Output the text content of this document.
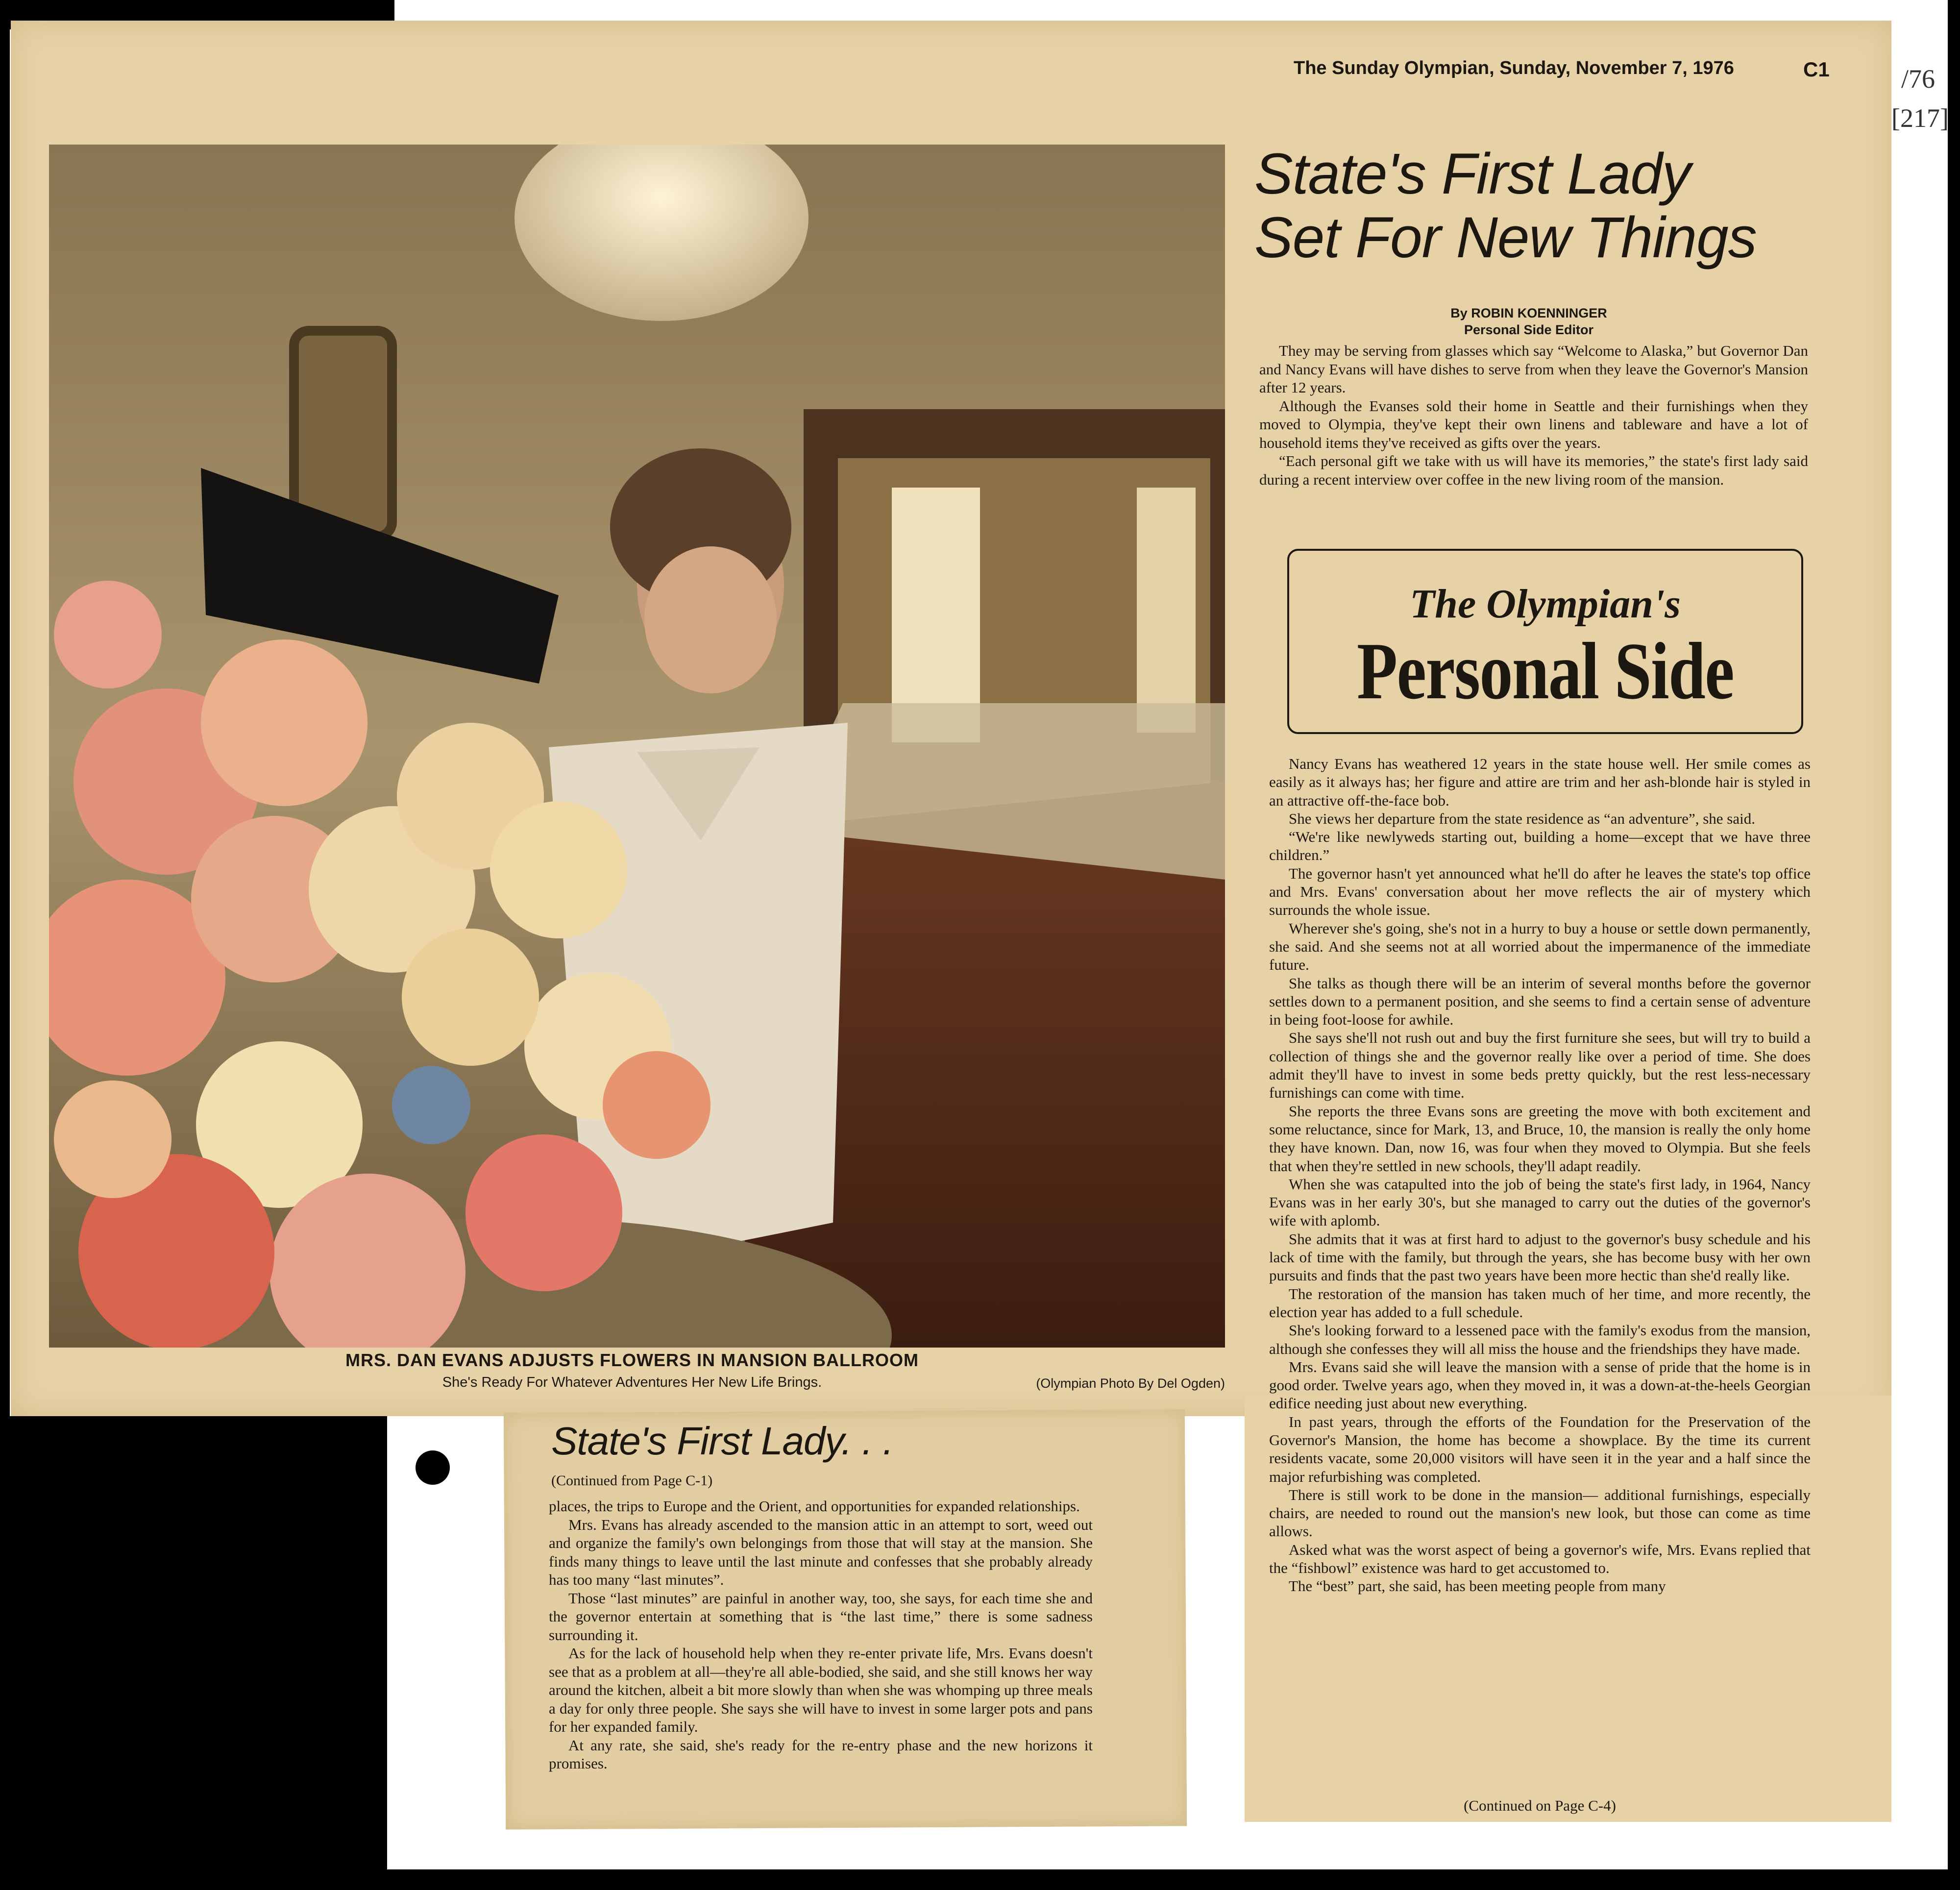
/76
[217]
The Sunday Olympian, Sunday, November 7, 1976	C1
MRS. DAN EVANS ADJUSTS FLOWERS IN MANSION BALLROOM
She's Ready For Whatever Adventures Her New Life Brings.	(Olympian Photo By Del Ogden)
State's First Lady
Set For New Things
By ROBIN KOENNINGER
Personal Side Editor

They may be serving from glasses which say “Welcome to Alaska,” but Governor Dan and Nancy Evans will have dishes to serve from when they leave the Governor's Mansion after 12 years.

Although the Evanses sold their home in Seattle and their furnishings when they moved to Olympia, they've kept their own linens and tableware and have a lot of household items they've received as gifts over the years.

“Each personal gift we take with us will have its memories,” the state's first lady said during a recent interview over coffee in the new living room of the mansion.

The Olympian's
Personal Side

Nancy Evans has weathered 12 years in the state house well. Her smile comes as easily as it always has; her figure and attire are trim and her ash-blonde hair is styled in an attractive off-the-face bob.

She views her departure from the state residence as “an adventure”, she said.

“We're like newlyweds starting out, building a home—except that we have three children.”

The governor hasn't yet announced what he'll do after he leaves the state's top office and Mrs. Evans' conversation about her move reflects the air of mystery which surrounds the whole issue.

Wherever she's going, she's not in a hurry to buy a house or settle down permanently, she said. And she seems not at all worried about the impermanence of the immediate future.

She talks as though there will be an interim of several months before the governor settles down to a permanent position, and she seems to find a certain sense of adventure in being foot-loose for awhile.

She says she'll not rush out and buy the first furniture she sees, but will try to build a collection of things she and the governor really like over a period of time. She does admit they'll have to invest in some beds pretty quickly, but the rest less-necessary furnishings can come with time.

She reports the three Evans sons are greeting the move with both excitement and some reluctance, since for Mark, 13, and Bruce, 10, the mansion is really the only home they have known. Dan, now 16, was four when they moved to Olympia. But she feels that when they're settled in new schools, they'll adapt readily.

When she was catapulted into the job of being the state's first lady, in 1964, Nancy Evans was in her early 30's, but she managed to carry out the duties of the governor's wife with aplomb.

She admits that it was at first hard to adjust to the governor's busy schedule and his lack of time with the family, but through the years, she has become busy with her own pursuits and finds that the past two years have been more hectic than she'd really like.

The restoration of the mansion has taken much of her time, and more recently, the election year has added to a full schedule.

She's looking forward to a lessened pace with the family's exodus from the mansion, although she confesses they will all miss the house and the friendships they have made.

Mrs. Evans said she will leave the mansion with a sense of pride that the home is in good order. Twelve years ago, when they moved in, it was a down-at-the-heels Georgian edifice needing just about new everything.

In past years, through the efforts of the Foundation for the Preservation of the Governor's Mansion, the home has become a showplace. By the time its current residents vacate, some 20,000 visitors will have seen it in the year and a half since the major refurbishing was completed.

There is still work to be done in the mansion— additional furnishings, especially chairs, are needed to round out the mansion's new look, but those can come as time allows.

Asked what was the worst aspect of being a governor's wife, Mrs. Evans replied that the “fishbowl” existence was hard to get accustomed to.

The “best” part, she said, has been meeting people from many

(Continued on Page C-4)
State's First Lady. . .
(Continued from Page C-1)

places, the trips to Europe and the Orient, and opportunities for expanded relationships.

Mrs. Evans has already ascended to the mansion attic in an attempt to sort, weed out and organize the family's own belongings from those that will stay at the mansion. She finds many things to leave until the last minute and confesses that she probably already has too many “last minutes”.

Those “last minutes” are painful in another way, too, she says, for each time she and the governor entertain at something that is “the last time,” there is some sadness surrounding it.

As for the lack of household help when they re-enter private life, Mrs. Evans doesn't see that as a problem at all—they're all able-bodied, she said, and she still knows her way around the kitchen, albeit a bit more slowly than when she was whomping up three meals a day for only three people. She says she will have to invest in some larger pots and pans for her expanded family.

At any rate, she said, she's ready for the re-entry phase and the new horizons it promises.
